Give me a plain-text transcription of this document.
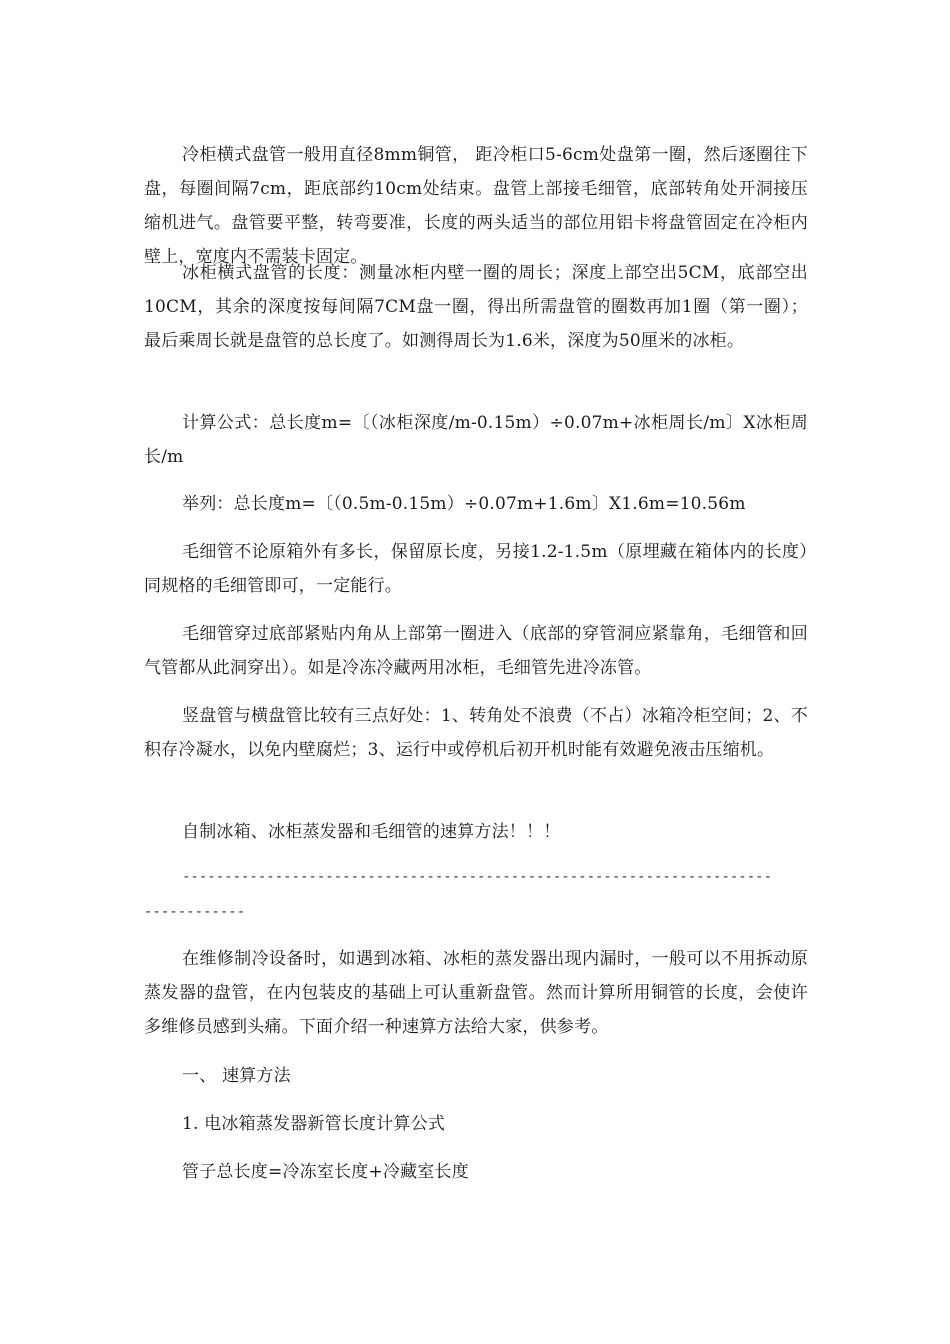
冷柜横式盘管一般用直径8mm铜管， 距冷柜口5-6cm处盘第一圈，然后逐圈往下盘，每圈间隔7cm，距底部约10cm处结束。盘管上部接毛细管，底部转角处开洞接压缩机进气。盘管要平整，转弯要准，长度的两头适当的部位用铝卡将盘管固定在冷柜内壁上，宽度内不需装卡固定。
冰柜横式盘管的长度：测量冰柜内壁一圈的周长；深度上部空出5CM，底部空出10CM，其余的深度按每间隔7CM盘一圈，得出所需盘管的圈数再加1圈（第一圈）；最后乘周长就是盘管的总长度了。如测得周长为1.6米，深度为50厘米的冰柜。
计算公式：总长度m=〔（冰柜深度/m-0.15m）÷0.07m+冰柜周长/m〕X冰柜周长/m
举列：总长度m=〔（0.5m-0.15m）÷0.07m+1.6m〕X1.6m=10.56m
毛细管不论原箱外有多长，保留原长度，另接1.2-1.5m（原埋藏在箱体内的长度）同规格的毛细管即可，一定能行。
毛细管穿过底部紧贴内角从上部第一圈进入（底部的穿管洞应紧靠角，毛细管和回气管都从此洞穿出）。如是冷冻冷藏两用冰柜，毛细管先进冷冻管。
竖盘管与横盘管比较有三点好处：1、转角处不浪费（不占）冰箱冷柜空间；2、不积存冷凝水，以免内壁腐烂；3、运行中或停机后初开机时能有效避免液击压缩机。
自制冰箱、冰柜蒸发器和毛细管的速算方法！！！
----------------------------------------------------------------------
------------
在维修制冷设备时，如遇到冰箱、冰柜的蒸发器出现内漏时，一般可以不用拆动原蒸发器的盘管，在内包装皮的基础上可认重新盘管。然而计算所用铜管的长度，会使许多维修员感到头痛。下面介绍一种速算方法给大家，供参考。
一、 速算方法
1. 电冰箱蒸发器新管长度计算公式
管子总长度=冷冻室长度+冷藏室长度
